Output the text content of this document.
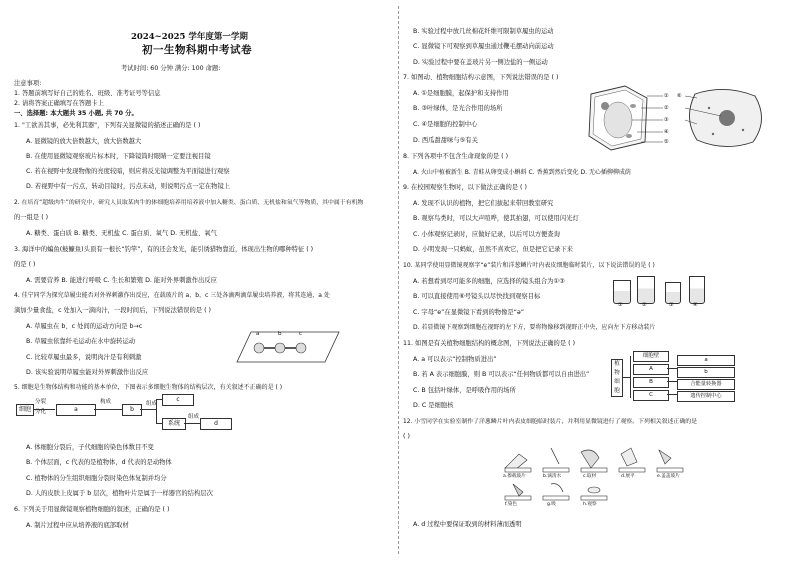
2024~2025 学年度第一学期
初一生物科期中考试卷
考试时间: 60 分钟 满分: 100 命题:
注意事项:
1. 答题前填写好自己的姓名、班级、准考证号等信息
2. 请将答案正确填写在答题卡上
一、选择题: 本大题共 35 小题, 共 70 分。
1. "工欲善其事，必先利其器"，下列有关显微镜的描述正确的是 ( )
A. 显微镜的放大倍数越大，放大倍数越大
B. 在使用显微镜观察玻片标本时，下降镜筒时眼睛一定要注视目镜
C. 若在视野中发现物像的亮度较暗，则应将反光镜调整为平面镜进行观察
D. 若视野中有一污点，转动目镜时，污点未动，则说明污点一定在物镜上
2. 在培育“超级肉牛”的研究中，研究人员取某肉牛的体细胞培养用培养液中加入糖类、蛋白质、无机盐和氧气等物质，其中属于有机物
的一组是 ( )
A. 糖类、蛋白质 B. 糖类、无机盐 C. 蛋白质、氧气 D. 无机盐、氧气
3. 海洋中的蝙鱼(鮟鱇鱼)头顶有一根长“钓竿”，有的还会发光，能引诱猎物靠近，体现出生物的哪种特征 ( )
的是 ( )
A. 需要营养 B. 能进行呼吸 C. 生长和繁殖 D. 能对外界刺激作出反应
4. 佳宁同学为探究草履虫能否对外界刺激作出反应，在载玻片的 a、b、c 三处各滴两滴草履虫培养液，将其连通，a 处
滴加少量食盐，c 处加入一滴肉汁，一段时间后，下列说法错误的是 ( )
A. 草履虫在 b、c 处间的运动方向是 b→c
B. 草履虫依靠纤毛运动在水中旋转运动
C. 比较草履虫最多，说明肉汁是有利刺激
D. 该实验说明草履虫能对外界刺激作出反应
a	b	c
5. 细胞是生物体结构和功能的基本单位，下图表示多细胞生物体的结构层次，有关叙述不正确的是 ( )
细胞
分裂
分化	a
构成
b
组成
c
系统
组成
d
A. 体细胞分裂后，子代细胞的染色体数目不变
B. 个体层面，c 代表的是植物体，d 代表的是动物体
C. 植物体的分生组织细胞分裂时染色体复制并均分
D. 人的皮肤上皮属于 b 层次，植物叶片是属于一样器官的结构层次
6. 下列关于用显微镜观察植物细胞的叙述，正确的是 ( )
A. 制片过程中应从培养液的底部取材
B. 实验过程中放几丝棉花纤维可限制草履虫的运动
C. 显微镜下可观察到草履虫通过鞭毛摆动向前运动
D. 实验过程中要在盖玻片另一侧边盐的一侧运动
7. 如图动、植物细胞结构示意图，下列说法错误的是 ( )
A. ①是细胞膜，起保护和支持作用
B. ③叶绿体，是光合作用的场所
C. ④是细胞的控制中心
D. 西瓜甜甜味与⑤有关
①
②
③
④
⑤
⑥
8. 下列各项中不包含生命现象的是 ( )
A. 火山中植被新生 B. 青蛙从卵变成小蝌蚪 C. 香蕉到然后变化 D. 无心插柳柳成荫
9. 在校园观察生物时，以下做法正确的是 ( )
A. 发现不认识的植物，把它们拔起来带回教室研究
B. 观察鸟类时，可以大声喧哗，使其拍翅，可以使用闪光灯
C. 小体观察记录时，应做好记录，以后可以方便查询
D. 小明发现一只蚂蚁，虽然不喜欢它，但是把它记录下来
10. 某同学使用显微镜观察字“e”装片和洋葱鳞片叶内表皮细胞临时装片，以下说法错误的是 ( )
A. 若想看到尽可能多的细胞，应选择的镜头组合为①③
B. 可以直接使用⑥号镜头以尽快找到观察目标
C. 字母“e”在显微镜下看到的物像是“ə”
D. 若显微镜下观察到细胞在视野的左下方，要将物像移到视野正中央，应向左下方移动装片
①	②	③	④
11. 如图是有关植物细胞结构的概念图，下列说法正确的是 ( )
A. a 可以表示“控制物质进出”
B. 若 A 表示细胞膜，则 B 可以表示“任何物质都可以自由进出”
C. B 包括叶绿体，是呼吸作用的场所
D. C 是细胞核
植物细胞
细胞壁
A
B
C
a
b
合能量转换器
遗传控制中心
12. 小雪同学在实验室制作了洋葱鳞片叶内表皮细胞临时装片，并利用显微镜进行了观察。下列相关叙述正确的是
( )
a.擦载玻片	b.滴清水	c.取材	d.展平	e.盖盖玻片
f.染色	g.吸	h.观察
A. d 过程中要保证取到的材料薄而透明
